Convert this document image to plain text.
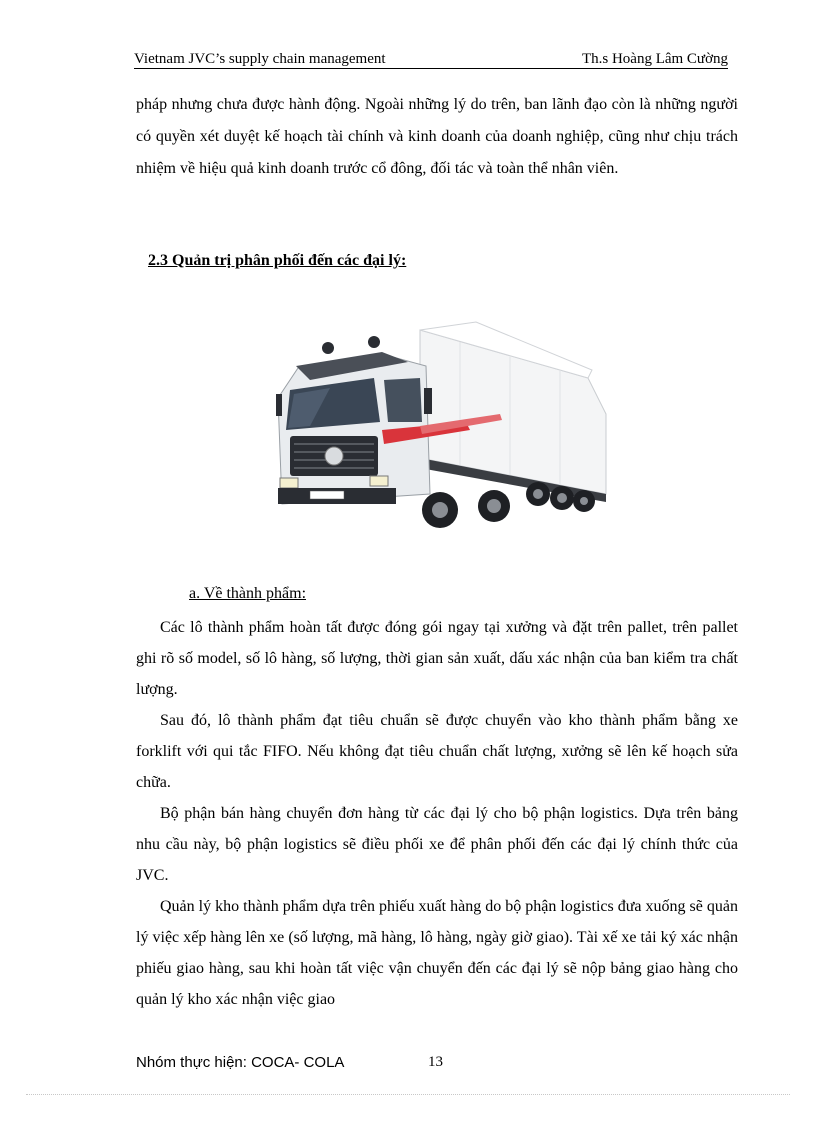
Vietnam JVC’s supply chain management	Th.s Hoàng Lâm Cường

pháp nhưng chưa được hành động. Ngoài những lý do trên, ban lãnh đạo còn là những người có quyền xét duyệt kế hoạch tài chính và kinh doanh của doanh nghiệp, cũng như chịu trách nhiệm về hiệu quả kinh doanh trước cổ đông, đối tác và toàn thể nhân viên.

2.3 Quản trị phân phối đến các đại lý:
a. Về thành phẩm:

Các lô thành phẩm hoàn tất được đóng gói ngay tại xưởng và đặt trên pallet, trên pallet ghi rõ số model, số lô hàng, số lượng, thời gian sản xuất, dấu xác nhận của ban kiểm tra chất lượng.

Sau đó, lô thành phẩm đạt tiêu chuẩn sẽ được chuyển vào kho thành phẩm bằng xe forklift với qui tắc FIFO. Nếu không đạt tiêu chuẩn chất lượng, xưởng sẽ lên kế hoạch sửa chữa.

Bộ phận bán hàng chuyển đơn hàng từ các đại lý cho bộ phận logistics. Dựa trên bảng nhu cầu này, bộ phận logistics sẽ điều phối xe để phân phối đến các đại lý chính thức của JVC.

Quản lý kho thành phẩm dựa trên phiếu xuất hàng do bộ phận logistics đưa xuống sẽ quản lý việc xếp hàng lên xe (số lượng, mã hàng, lô hàng, ngày giờ giao). Tài xế xe tải ký xác nhận phiếu giao hàng, sau khi hoàn tất việc vận chuyển đến các đại lý sẽ nộp bảng giao hàng cho quản lý kho xác nhận việc giao

Nhóm thực hiện: COCA- COLA	13
